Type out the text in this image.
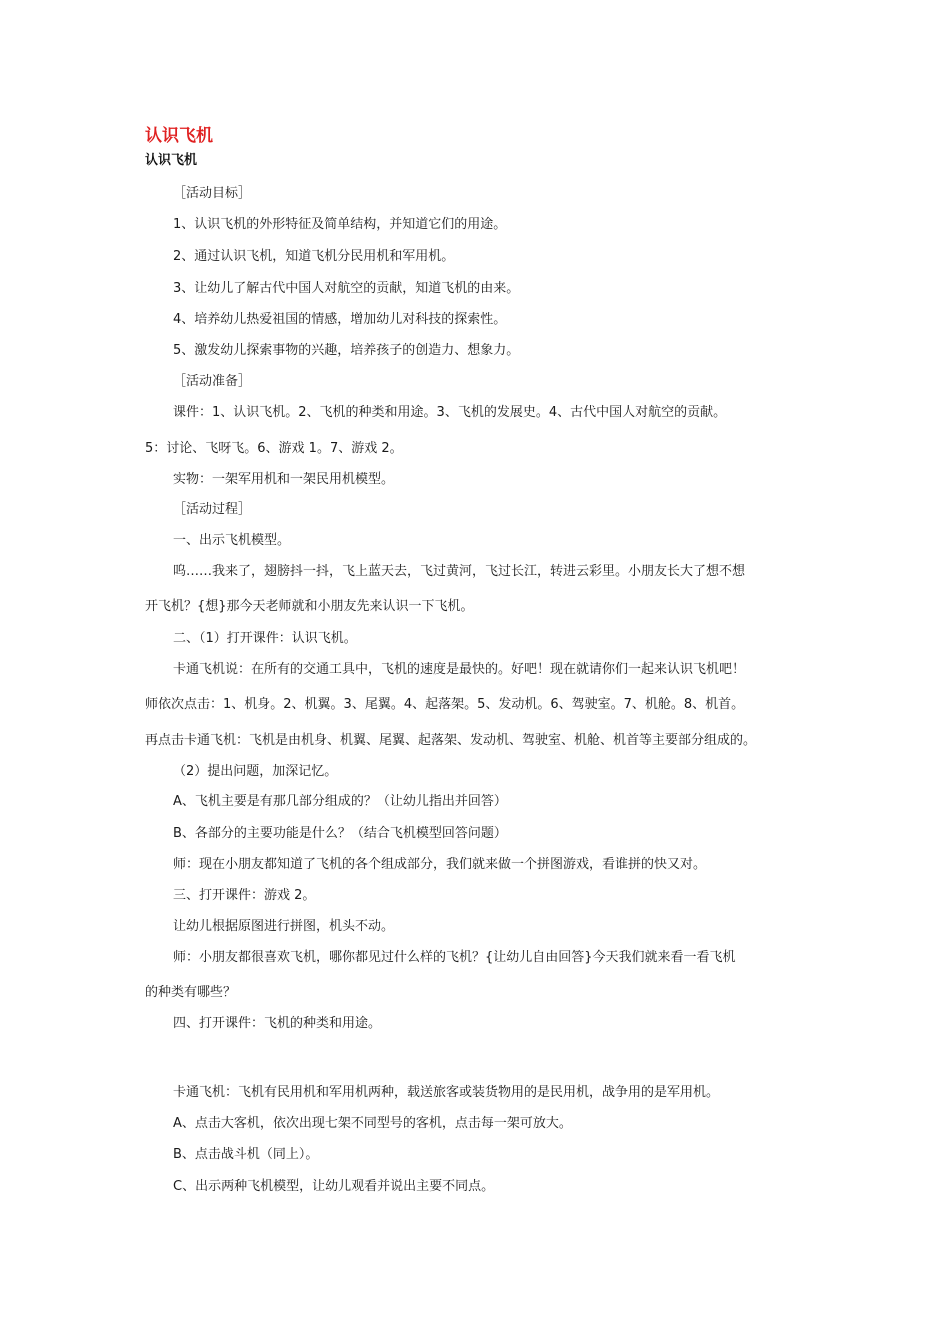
认识飞机
认识飞机

［活动目标］

1、认识飞机的外形特征及简单结构，并知道它们的用途。

2、通过认识飞机，知道飞机分民用机和军用机。

3、让幼儿了解古代中国人对航空的贡献，知道飞机的由来。

4、培养幼儿热爱祖国的情感，增加幼儿对科技的探索性。

5、激发幼儿探索事物的兴趣，培养孩子的创造力、想象力。

［活动准备］

课件：1、认识飞机。2、飞机的种类和用途。3、飞机的发展史。4、古代中国人对航空的贡献。

5：讨论、飞呀飞。6、游戏 1。7、游戏 2。

实物：一架军用机和一架民用机模型。

［活动过程］

一、出示飞机模型。

呜……我来了，翅膀抖一抖，飞上蓝天去，飞过黄河，飞过长江，转进云彩里。小朋友长大了想不想

开飞机？{想}那今天老师就和小朋友先来认识一下飞机。

二、（1）打开课件：认识飞机。

卡通飞机说：在所有的交通工具中，飞机的速度是最快的。好吧！现在就请你们一起来认识飞机吧！

师依次点击：1、机身。2、机翼。3、尾翼。4、起落架。5、发动机。6、驾驶室。7、机舱。8、机首。

再点击卡通飞机：飞机是由机身、机翼、尾翼、起落架、发动机、驾驶室、机舱、机首等主要部分组成的。

（2）提出问题，加深记忆。

A、飞机主要是有那几部分组成的？（让幼儿指出并回答）

B、各部分的主要功能是什么？（结合飞机模型回答问题）

师：现在小朋友都知道了飞机的各个组成部分，我们就来做一个拼图游戏，看谁拼的快又对。

三、打开课件：游戏 2。

让幼儿根据原图进行拼图，机头不动。

师：小朋友都很喜欢飞机，哪你都见过什么样的飞机？{让幼儿自由回答}今天我们就来看一看飞机

的种类有哪些？

四、打开课件：飞机的种类和用途。

卡通飞机：飞机有民用机和军用机两种，载送旅客或装货物用的是民用机，战争用的是军用机。

A、点击大客机，依次出现七架不同型号的客机，点击每一架可放大。

B、点击战斗机（同上）。

C、出示两种飞机模型，让幼儿观看并说出主要不同点。
